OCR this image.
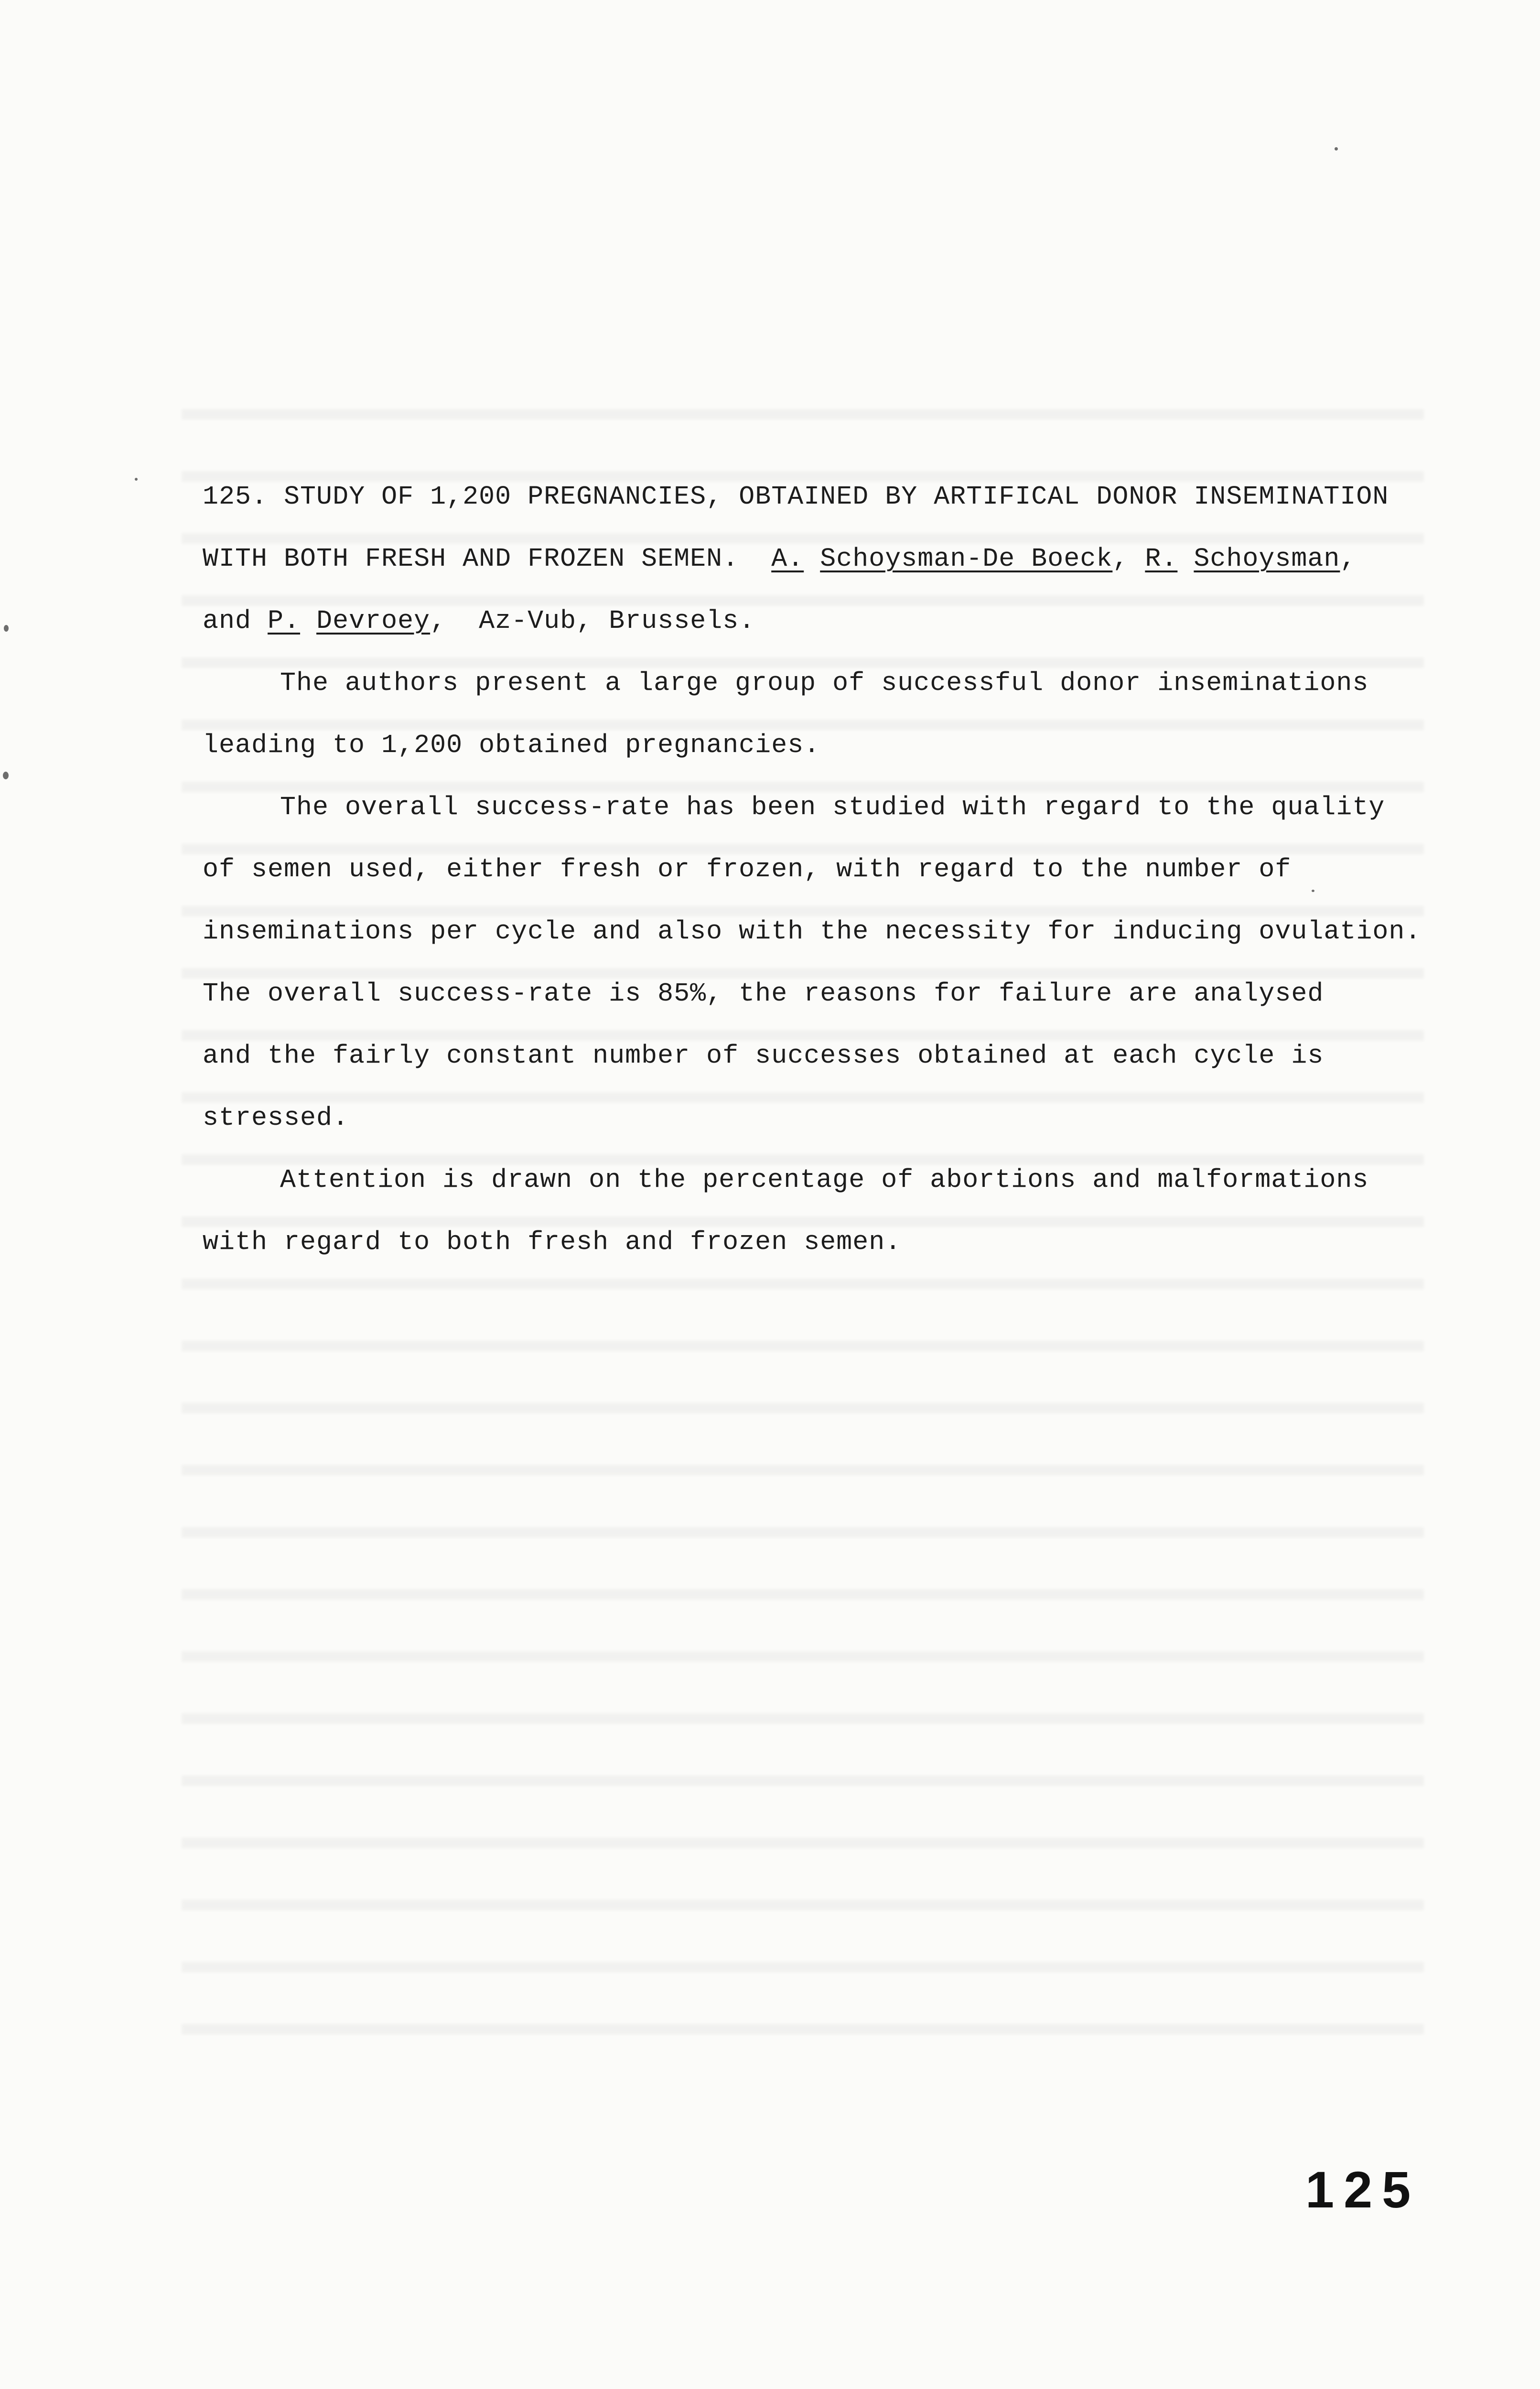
125. STUDY OF 1,200 PREGNANCIES, OBTAINED BY ARTIFICAL DONOR INSEMINATION
WITH BOTH FRESH AND FROZEN SEMEN. A. Schoysman-De Boeck, R. Schoysman,
and P. Devroey,  Az-Vub, Brussels.
The authors present a large group of successful donor inseminations
leading to 1,200 obtained pregnancies.
The overall success-rate has been studied with regard to the quality
of semen used, either fresh or frozen, with regard to the number of
inseminations per cycle and also with the necessity for inducing ovulation.
The overall success-rate is 85%, the reasons for failure are analysed
and the fairly constant number of successes obtained at each cycle is
stressed.
Attention is drawn on the percentage of abortions and malformations
with regard to both fresh and frozen semen.
125
